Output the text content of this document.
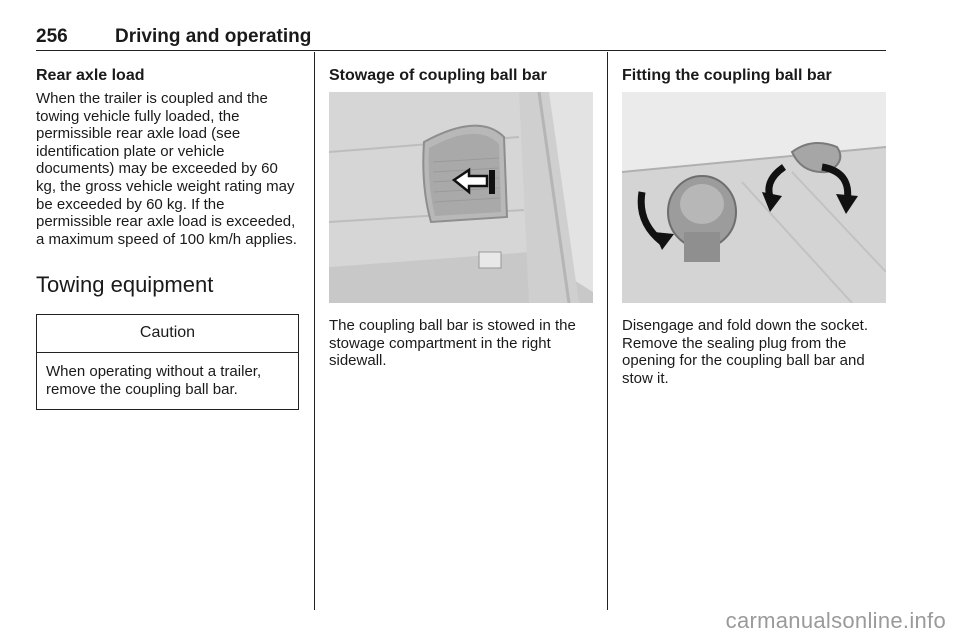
256 Driving and operating
Rear axle load

When the trailer is coupled and the towing vehicle fully loaded, the permissible rear axle load (see identification plate or vehicle documents) may be exceeded by 60 kg, the gross vehicle weight rating may be exceeded by 60 kg. If the permissible rear axle load is exceeded, a maximum speed of 100 km/h applies.

Towing equipment
Caution
When operating without a trailer, remove the coupling ball bar.
Stowage of coupling ball bar

The coupling ball bar is stowed in the stowage compartment in the right sidewall.

Fitting the coupling ball bar

Disengage and fold down the socket. Remove the sealing plug from the opening for the coupling ball bar and stow it.

carmanualsonline.info
